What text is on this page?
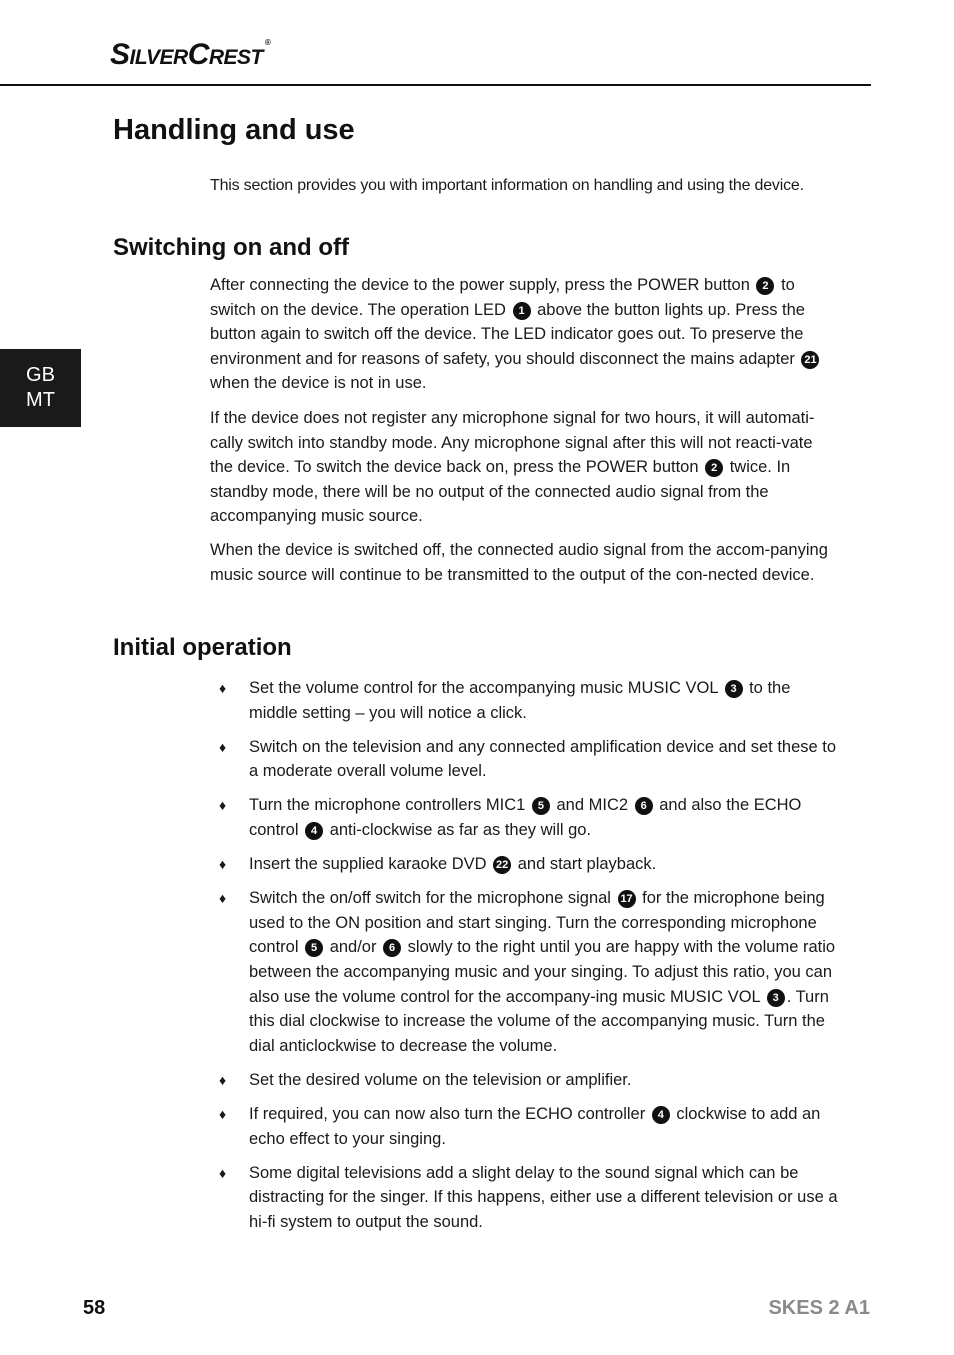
SilverCrest ®
GB
MT
Handling and use

This section provides you with important information on handling and using the device.

Switching on and off

After connecting the device to the power supply, press the POWER button 2 to switch on the device. The operation LED 1 above the button lights up. Press the button again to switch off the device. The LED indicator goes out. To preserve the environment and for reasons of safety, you should disconnect the mains adapter 21 when the device is not in use.

If the device does not register any microphone signal for two hours, it will automati-cally switch into standby mode. Any microphone signal after this will not reacti-vate the device. To switch the device back on, press the POWER button 2 twice. In standby mode, there will be no output of the connected audio signal from the accompanying music source.

When the device is switched off, the connected audio signal from the accom-panying music source will continue to be transmitted to the output of the con-nected device.

Initial operation
♦ Set the volume control for the accompanying music MUSIC VOL 3 to the middle setting – you will notice a click.
♦ Switch on the television and any connected amplification device and set these to a moderate overall volume level.
♦ Turn the microphone controllers MIC1 5 and MIC2 6 and also the ECHO control 4 anti-clockwise as far as they will go.
♦ Insert the supplied karaoke DVD 22 and start playback.
♦ Switch the on/off switch for the microphone signal 17 for the microphone being used to the ON position and start singing. Turn the corresponding microphone control 5 and/or 6 slowly to the right until you are happy with the volume ratio between the accompanying music and your singing. To adjust this ratio, you can also use the volume control for the accompany-ing music MUSIC VOL 3 . Turn this dial clockwise to increase the volume of the accompanying music. Turn the dial anticlockwise to decrease the volume.
♦ Set the desired volume on the television or amplifier.
♦ If required, you can now also turn the ECHO controller 4 clockwise to add an echo effect to your singing.
♦ Some digital televisions add a slight delay to the sound signal which can be distracting for the singer. If this happens, either use a different television or use a hi-fi system to output the sound.
58	SKES 2 A1
